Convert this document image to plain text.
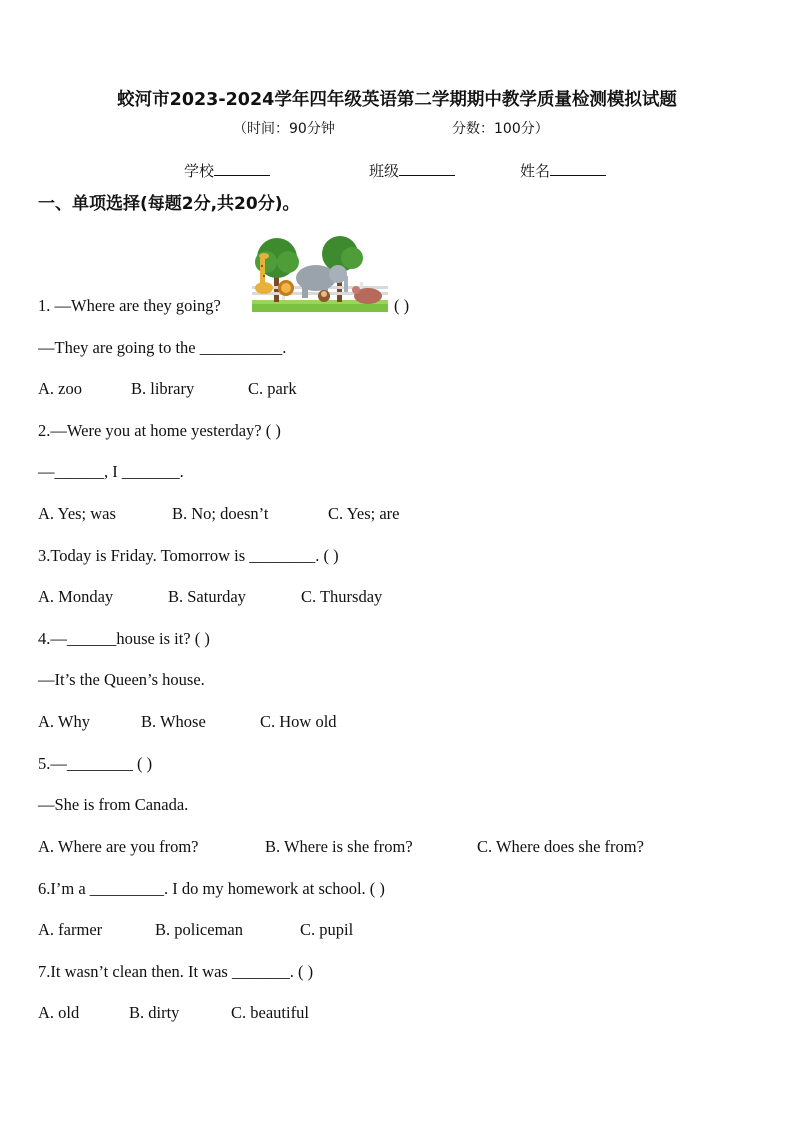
蛟河市2023-2024学年四年级英语第二学期期中教学质量检测模拟试题
（时间：90分钟	分数：100分）
学校	班级	姓名
一、单项选择(每题2分,共20分)。
1. —Where are they going?	( )
—They are going to the __________.
A. zoo	B. library	C. park
2.—Were you at home yesterday? ( )
—______, I _______.
A. Yes; was	B. No; doesn’t	C. Yes; are
3.Today is Friday. Tomorrow is ________. ( )
A. Monday	B. Saturday	C. Thursday
4.—______house is it? ( )
—It’s the Queen’s house.
A. Why	B. Whose	C. How old
5.—________ ( )
—She is from Canada.
A. Where are you from?	B. Where is she from?	C. Where does she from?
6.I’m a _________. I do my homework at school. ( )
A. farmer	B. policeman	C. pupil
7.It wasn’t clean then. It was _______. ( )
A. old	B. dirty	C. beautiful
